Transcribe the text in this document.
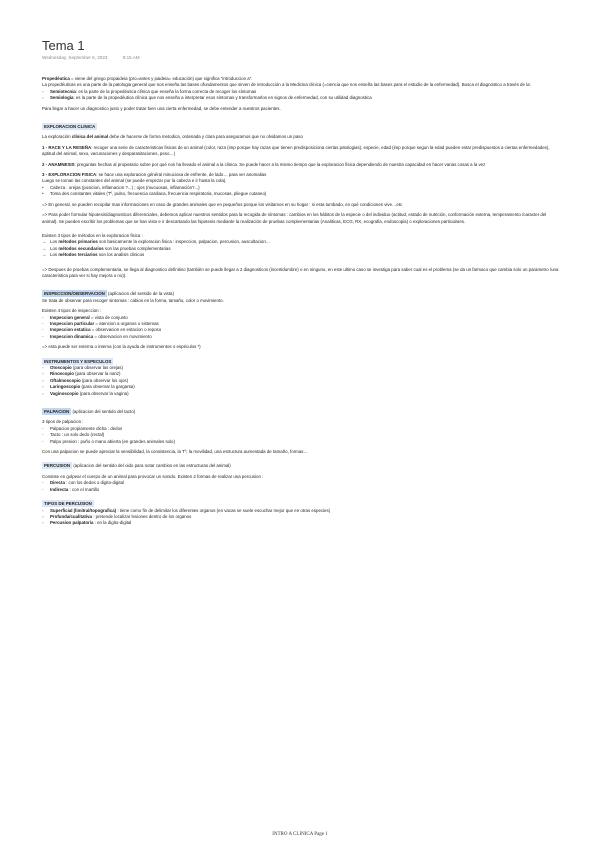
Tema 1
Wednesday, September 6, 2023	9:15 AM

Propedéutica = viene del griego propaideia (pro=antes y paideia= educación) que significa "introduccion a".

La propedéuticas es una parte de la patologia general que nos enseña las bases ofundamentos que sirven de introducción a la Medicina clinica (=ciencia que nos enseña las bases para el estudio de la enfermedad). Busca el diagnóstico a través de la:

▫ Semiotecnia: es la parte de la propedéutica clínica que enseña la forma correcta de recoger los síntomas

▫ Semiología: es la parte de la propedéutica clínica que nos enseña a interpretar esos síntomas y transformarlos en signos de enfermedad, con su utilidad diagnostica

Para llegar a hacer un diagnostico justo y poder tratar bien una cierta enfermedad, se debe entender a nuestros pacientes.

EXPLORACION CLINICA

La exploración clínica del animal debe de hacerse de forma metodica, ordenada y clara para asegurarnos que no olvidamos un paso

1 - RACE Y LA RESEÑA: recoger una serie de caracteristicas fisicas de un animal (color, raza (imp porque hay razas que tienen predisposiciona ciertas patologias), especie, edad (imp porque segun la edad pueden estar predispuestos a ciertas enfermedades), aptitud del animal, sexo, vacunaciones y desparasitaciones, peso…)

2 - ANAMNESIS: preguntas hechas al propietario sobre por qué nos ha llevado el animal a la clinica. Se puede hacer a la mismo tiempo que la exploracion fisica dependiendo de nuestra capacidad en hacer varias cosas a la vez

3 - EXPLORACION FISICA: se hace una exploracion général minuciosa de enfrente, de lado… para ver anomalias

Luego se toman las constantes del animal (se puede empezar por la cabeza e ir hasta la cola).

• Cabeza : orejas (posicion, inflamacion ?...) ; ojos (mucuosas, inflamación?...)

• Toma des constantes vitales (Tº, pulso, frecuencia cardiaca, frecuencia respiratoria, mucosas, pliegue cutaneo)

=> En general, se pueden recopilar mas informaciones en caso de grandes animales que en pequeños porque los visitamos en su hogar : si esta tumbado, en qué condiciones vive…etc

=> Para poder formular hipotesis/diagnosticos diferenciales, debemos aplicar nuestros sentidos para la recogida de síntomas : cambios en los hábitos de la especie o del individuo (actitud, estado de nutrición, conformación externa, temperamento /caracter del animal). Se pueden escribir los problemas que se han visto e ir descartando las hipotesis mediante la realización de pruebas complementarias (Analiticas, ECG, RX, ecografia, endoscopia) o exploraciones particulares.

Existen 3 tipos de métodos en la exploracion fisica :

→ Los métodos primarios son basicamente la exploracion fisica : inspeccion, palpacion, percusion, auscultacion…

→ Los métodos secundarios son las pruebas complementarias

→ Los métodos terciarios son los analisis clinicos

=> Despues de pruebas complementaria, se llega al diagnostico definitivo (tambièn se puede llegar a 2 diagnosticos (incertidumbre) o en ninguno, en este ultimo caso se investiga para saber cual es el problema (se da un farmaco que cambia solo un parametro /una caracteristica para ver si hay mejora o no)).

INSPECCION/OBSERVACION (aplicacion del sentido de la vista)

Se trata de observar para recoger sintomas : cabios en la forma, tamaño, color o movimiento.

Existen 4 tipos de inspeccion :

- Inspeccion general = vista de conjunto

- Inspeccion particular = atencion a organos o sistemas

- Inspeccion estatica = observacion en estacion o reposo

- Inspeccion dinamica = observacion en movimiento

=> esta puede ser externa o interna (con la ayuda de instrumentos o espéculos *)

INSTRUMENTOS Y ESPECULOS

▫ Otoscopio (para observar las orejas)

▫ Rinoscopio (para observar la nariz)

▫ Oftalmoscopio (para observar los ojos)

▫ Laringoscopio (para observar la garganta)

▫ Vaginoscopio (para observar la vagina)

PALPACION (aplicacion del sentido del tacto)

3 tipos de palpacion :

- Palpacion propiamente dicha : dedos

- Tacto : un solo dedo (rectal)

- Palpo presion : puño o mano abierta (en grandes animales solo)

Con una palpacion se puede apreciar la sensibilidad, la consistencia, la Tº, la movilidad, una estructura aumentada de tamaño, formas…

PERCUSION (aplicacion del sentido del oido para notar cambios en las estructuras del animal)

Consiste en golpear el cuerpo de un animal para provocar un sonido. Existen 2 formas de realizar una percusion :

- Directa : con los dedos o digito-digital

- Indirecta : con el martillo

TIPOS DE PERCUSION

▫ Superficial (limitral/topografica) : tiene como fin de delimitar los diferentes organos (en vacas se suele escuchar mejor que en otras especies)

▫ Profunda/cualitativa : pretende localizar lesiones dentro de los organos

▫ Percusion palpatoria : en la digito-digital

INTRO A CLINICA Page 1
